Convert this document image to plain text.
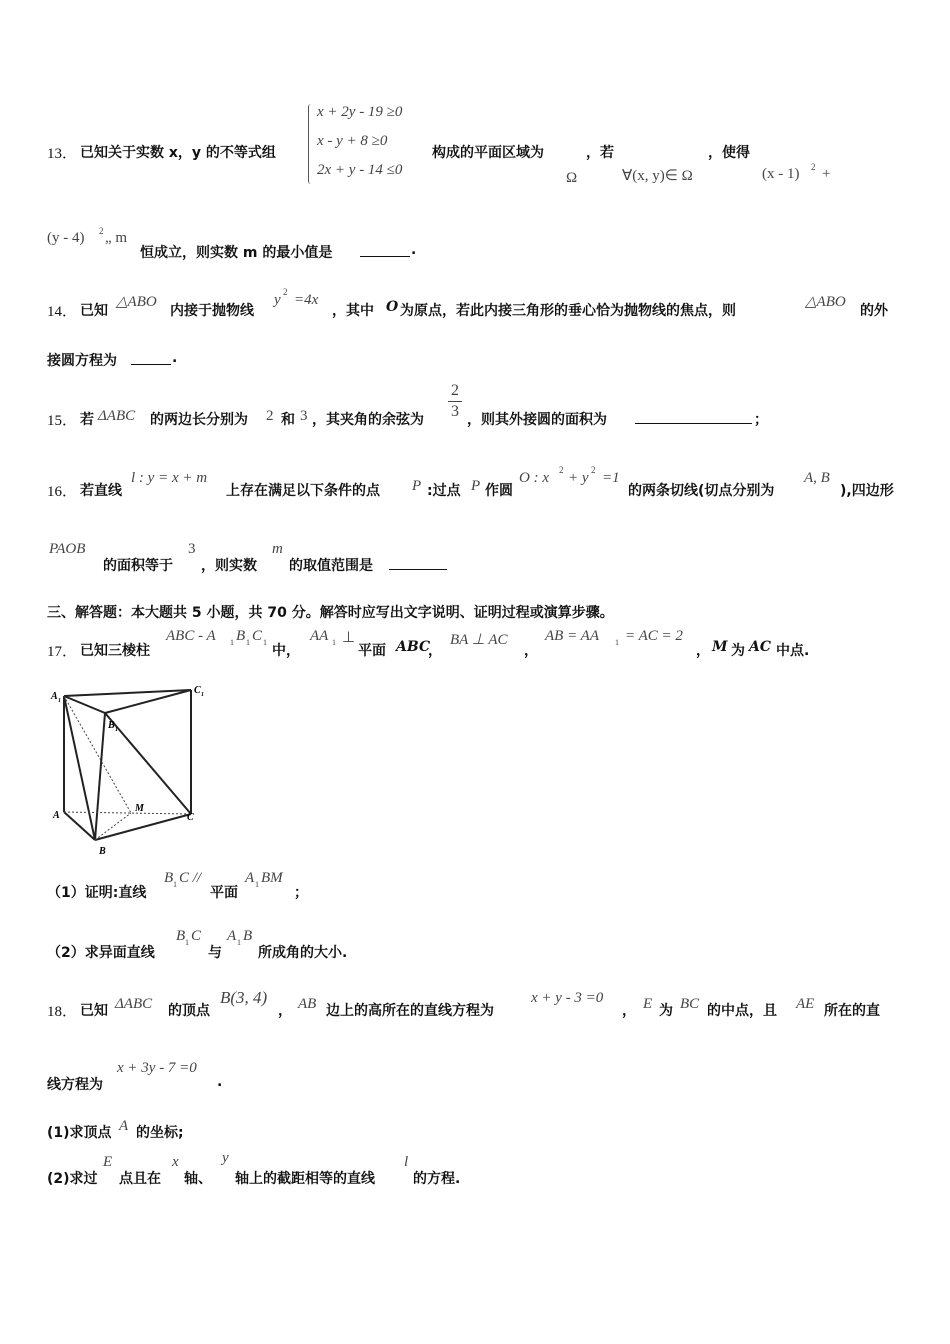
13． 已知关于实数 x，y 的不等式组
x + 2y - 19 ≥0
x - y + 8 ≥0
2x + y - 14 ≤0
构成的平面区域为	，若	，使得
Ω	∀(x, y)∈ Ω	(x - 1) 2 +
(y - 4) 2 „ m
恒成立，则实数 m 的最小值是	.
14． 已知
△ABO
内接于抛物线
y 2 =4x
，其中 O 为原点，若此内接三角形的垂心恰为抛物线的焦点，则
△ABO
的外
接圆方程为	.
15． 若 ΔABC 的两边长分别为 2 和 3 ，其夹角的余弦为
2
3 ，则其外接圆的面积为	；
16． 若直线
l : y = x + m
上存在满足以下条件的点 P :过点 P 作圆
O : x 2 + y 2 =1
的两条切线(切点分别为
A, B
),四边形
PAOB
的面积等于
3
，则实数
m
的取值范围是
三、解答题：本大题共 5 小题，共 70 分。解答时应写出文字说明、证明过程或演算步骤。
17． 已知三棱柱
ABC - A 1 B 1 C 1
中，
AA 1 ⊥
平面 ABC
，
BA ⊥ AC
，
AB = AA 1 = AC = 2
， M 为 AC 中点.
A 1
C 1
B 1
M
A	C
B
（1）证明:直线
B 1 C //
平面
A 1 BM
；
（2）求异面直线
B 1 C
与
A 1 B
所成角的大小.
18． 已知 ΔABC 的顶点
B(3, 4)
， AB 边上的高所在的直线方程为
x + y - 3 =0
， E 为 BC 的中点，且 AE 所在的直
线方程为
x + 3y - 7 =0
.
(1)求顶点 A 的坐标;
(2)求过
E
点且在
x
轴、
y
轴上的截距相等的直线
l
的方程.
